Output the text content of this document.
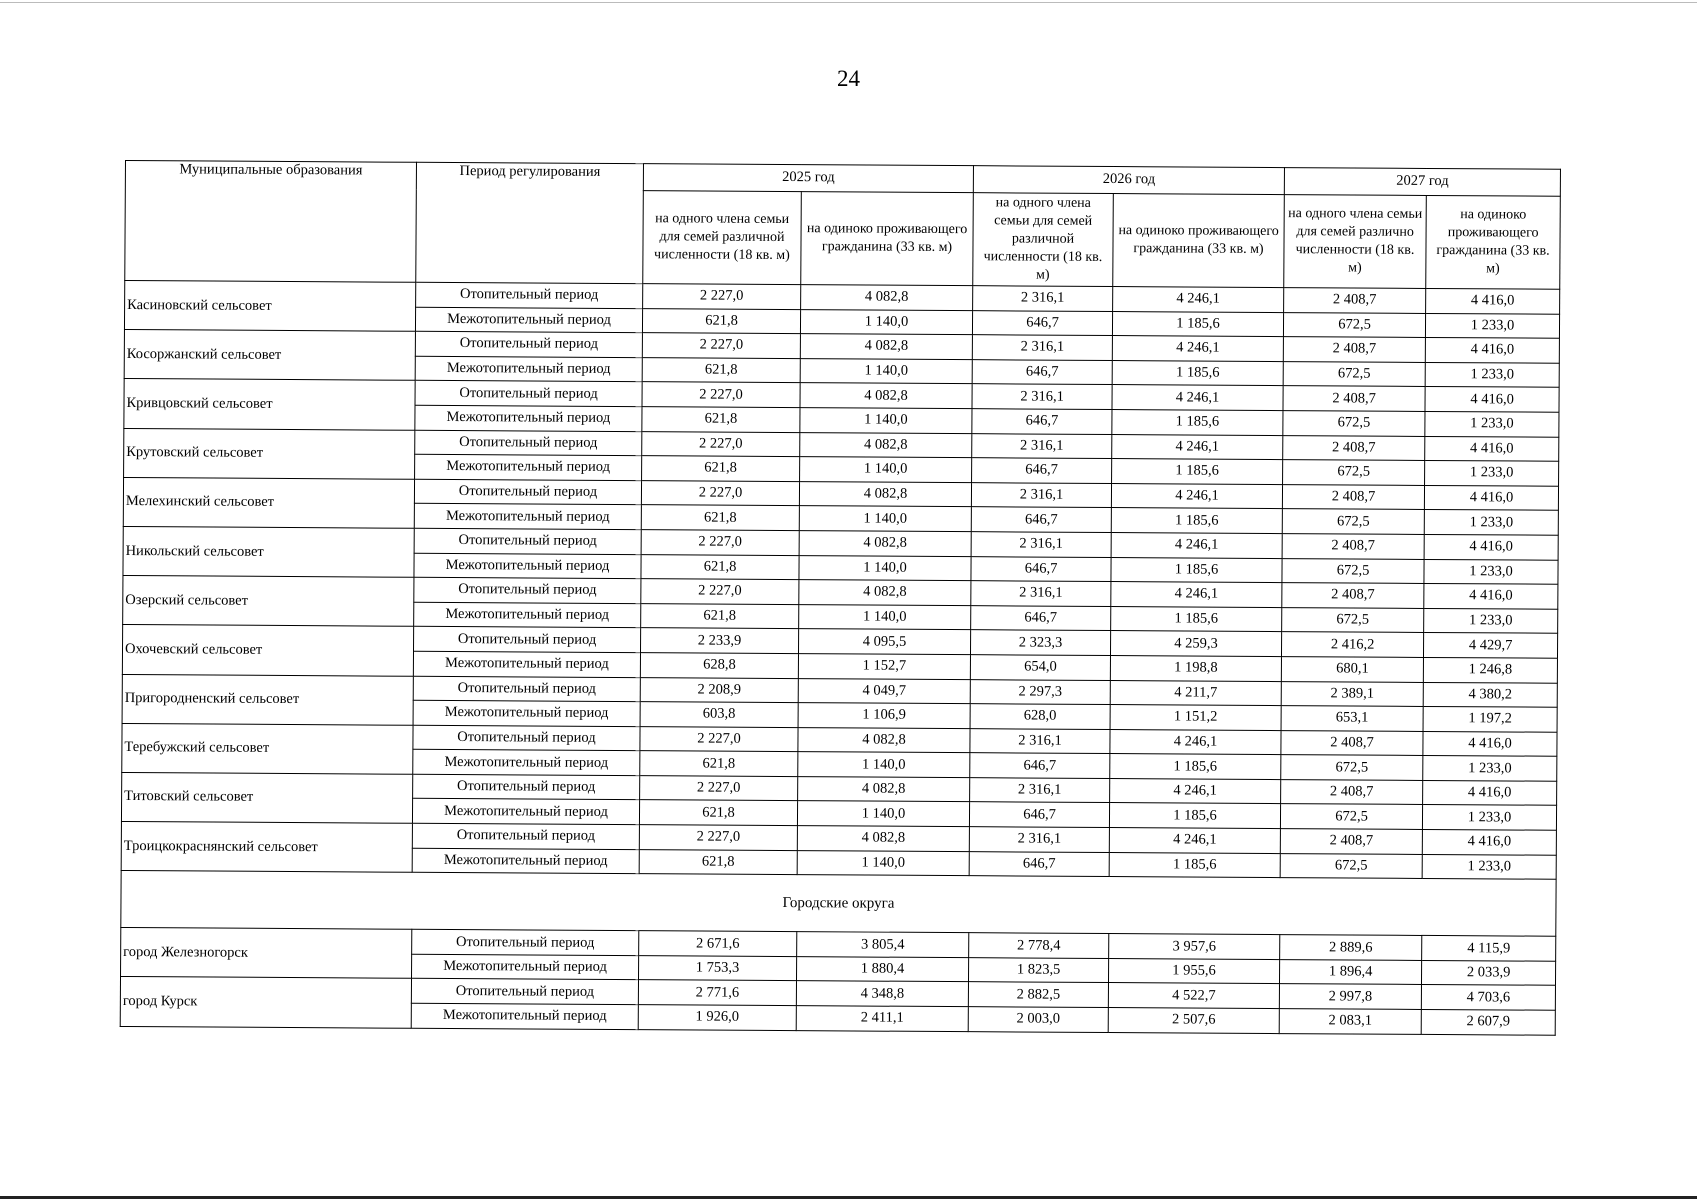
24
Муниципальные образования	Период регулирования	2025 год		2026 год		2027 год	
		на одного члена семьи для семей различной численности (18 кв. м)	на одиноко проживающего гражданина (33 кв. м)	на одного члена семьи для семей различной численности (18 кв. м)	на одиноко проживающего гражданина (33 кв. м)	на одного члена семьи для семей различно численности (18 кв. м)	на одиноко проживающего гражданина (33 кв. м)
Касиновский сельсовет	Отопительный период	2 227,0	4 082,8	2 316,1	4 246,1	2 408,7	4 416,0
	Межотопительный период	621,8	1 140,0	646,7	1 185,6	672,5	1 233,0
Косоржанский сельсовет	Отопительный период	2 227,0	4 082,8	2 316,1	4 246,1	2 408,7	4 416,0
	Межотопительный период	621,8	1 140,0	646,7	1 185,6	672,5	1 233,0
Кривцовский сельсовет	Отопительный период	2 227,0	4 082,8	2 316,1	4 246,1	2 408,7	4 416,0
	Межотопительный период	621,8	1 140,0	646,7	1 185,6	672,5	1 233,0
Крутовский сельсовет	Отопительный период	2 227,0	4 082,8	2 316,1	4 246,1	2 408,7	4 416,0
	Межотопительный период	621,8	1 140,0	646,7	1 185,6	672,5	1 233,0
Мелехинский сельсовет	Отопительный период	2 227,0	4 082,8	2 316,1	4 246,1	2 408,7	4 416,0
	Межотопительный период	621,8	1 140,0	646,7	1 185,6	672,5	1 233,0
Никольский сельсовет	Отопительный период	2 227,0	4 082,8	2 316,1	4 246,1	2 408,7	4 416,0
	Межотопительный период	621,8	1 140,0	646,7	1 185,6	672,5	1 233,0
Озерский сельсовет	Отопительный период	2 227,0	4 082,8	2 316,1	4 246,1	2 408,7	4 416,0
	Межотопительный период	621,8	1 140,0	646,7	1 185,6	672,5	1 233,0
Охочевский сельсовет	Отопительный период	2 233,9	4 095,5	2 323,3	4 259,3	2 416,2	4 429,7
	Межотопительный период	628,8	1 152,7	654,0	1 198,8	680,1	1 246,8
Пригородненский сельсовет	Отопительный период	2 208,9	4 049,7	2 297,3	4 211,7	2 389,1	4 380,2
	Межотопительный период	603,8	1 106,9	628,0	1 151,2	653,1	1 197,2
Теребужский сельсовет	Отопительный период	2 227,0	4 082,8	2 316,1	4 246,1	2 408,7	4 416,0
	Межотопительный период	621,8	1 140,0	646,7	1 185,6	672,5	1 233,0
Титовский сельсовет	Отопительный период	2 227,0	4 082,8	2 316,1	4 246,1	2 408,7	4 416,0
	Межотопительный период	621,8	1 140,0	646,7	1 185,6	672,5	1 233,0
Троицкокраснянский сельсовет	Отопительный период	2 227,0	4 082,8	2 316,1	4 246,1	2 408,7	4 416,0
	Межотопительный период	621,8	1 140,0	646,7	1 185,6	672,5	1 233,0
Городские округа							
город Железногорск	Отопительный период	2 671,6	3 805,4	2 778,4	3 957,6	2 889,6	4 115,9
	Межотопительный период	1 753,3	1 880,4	1 823,5	1 955,6	1 896,4	2 033,9
город Курск	Отопительный период	2 771,6	4 348,8	2 882,5	4 522,7	2 997,8	4 703,6
	Межотопительный период	1 926,0	2 411,1	2 003,0	2 507,6	2 083,1	2 607,9
